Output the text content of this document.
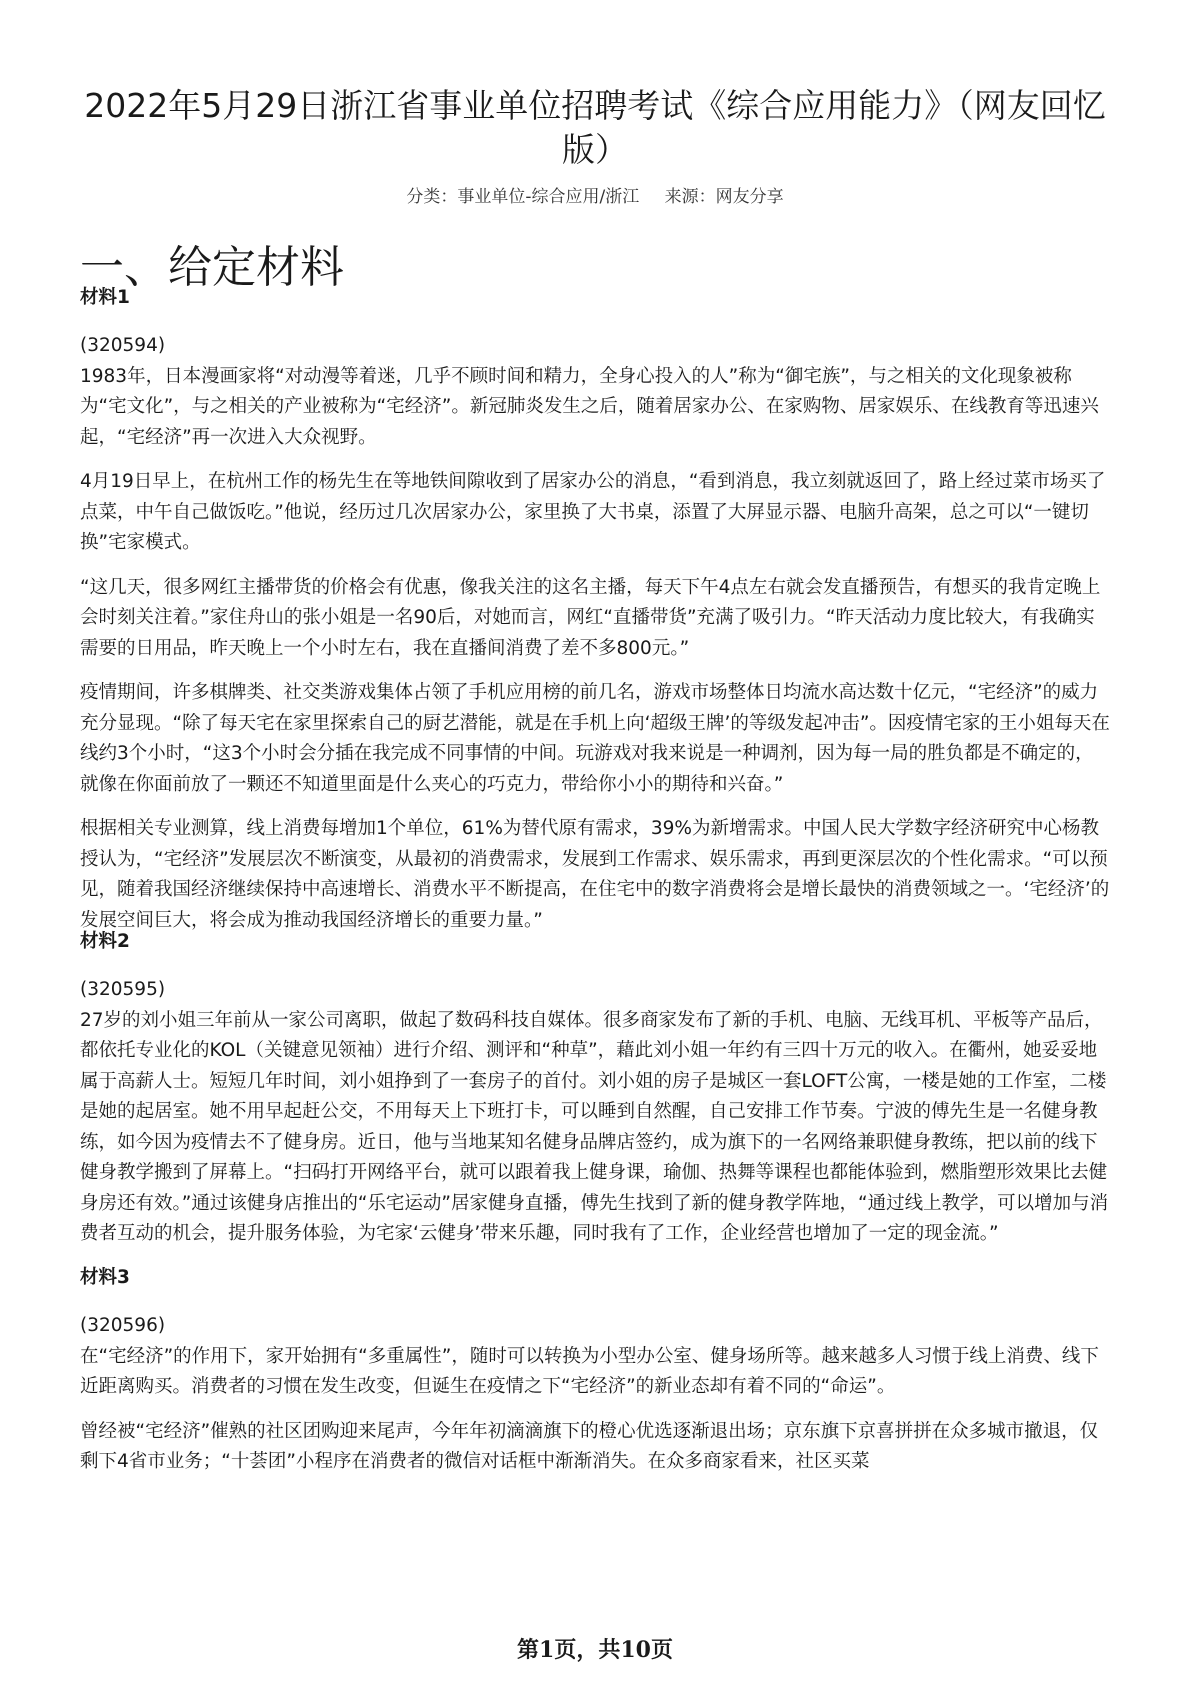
2022年5月29日浙江省事业单位招聘考试《综合应用能力》（网友回忆版）
分类：事业单位-综合应用/浙江 来源：网友分享
一、给定材料
材料1
(320594)
1983年，日本漫画家将“对动漫等着迷，几乎不顾时间和精力，全身心投入的人”称为“御宅族”，与之相关的文化现象被称为“宅文化”，与之相关的产业被称为“宅经济”。新冠肺炎发生之后，随着居家办公、在家购物、居家娱乐、在线教育等迅速兴起，“宅经济”再一次进入大众视野。
4月19日早上，在杭州工作的杨先生在等地铁间隙收到了居家办公的消息，“看到消息，我立刻就返回了，路上经过菜市场买了点菜，中午自己做饭吃。”他说，经历过几次居家办公，家里换了大书桌，添置了大屏显示器、电脑升高架，总之可以“一键切换”宅家模式。
“这几天，很多网红主播带货的价格会有优惠，像我关注的这名主播，每天下午4点左右就会发直播预告，有想买的我肯定晚上会时刻关注着。”家住舟山的张小姐是一名90后，对她而言，网红“直播带货”充满了吸引力。“昨天活动力度比较大，有我确实需要的日用品，昨天晚上一个小时左右，我在直播间消费了差不多800元。”
疫情期间，许多棋牌类、社交类游戏集体占领了手机应用榜的前几名，游戏市场整体日均流水高达数十亿元，“宅经济”的威力充分显现。“除了每天宅在家里探索自己的厨艺潜能，就是在手机上向‘超级王牌’的等级发起冲击”。因疫情宅家的王小姐每天在线约3个小时，“这3个小时会分插在我完成不同事情的中间。玩游戏对我来说是一种调剂，因为每一局的胜负都是不确定的，就像在你面前放了一颗还不知道里面是什么夹心的巧克力，带给你小小的期待和兴奋。”
根据相关专业测算，线上消费每增加1个单位，61%为替代原有需求，39%为新增需求。中国人民大学数字经济研究中心杨教授认为，“宅经济”发展层次不断演变，从最初的消费需求，发展到工作需求、娱乐需求，再到更深层次的个性化需求。“可以预见，随着我国经济继续保持中高速增长、消费水平不断提高，在住宅中的数字消费将会是增长最快的消费领域之一。‘宅经济’的发展空间巨大，将会成为推动我国经济增长的重要力量。”
材料2
(320595)
27岁的刘小姐三年前从一家公司离职，做起了数码科技自媒体。很多商家发布了新的手机、电脑、无线耳机、平板等产品后，都依托专业化的KOL（关键意见领袖）进行介绍、测评和“种草”，藉此刘小姐一年约有三四十万元的收入。在衢州，她妥妥地属于高薪人士。短短几年时间，刘小姐挣到了一套房子的首付。刘小姐的房子是城区一套LOFT公寓，一楼是她的工作室，二楼是她的起居室。她不用早起赶公交，不用每天上下班打卡，可以睡到自然醒，自己安排工作节奏。宁波的傅先生是一名健身教练，如今因为疫情去不了健身房。近日，他与当地某知名健身品牌店签约，成为旗下的一名网络兼职健身教练，把以前的线下健身教学搬到了屏幕上。“扫码打开网络平台，就可以跟着我上健身课，瑜伽、热舞等课程也都能体验到，燃脂塑形效果比去健身房还有效。”通过该健身店推出的“乐宅运动”居家健身直播，傅先生找到了新的健身教学阵地，“通过线上教学，可以增加与消费者互动的机会，提升服务体验，为宅家‘云健身’带来乐趣，同时我有了工作，企业经营也增加了一定的现金流。”
材料3
(320596)
在“宅经济”的作用下，家开始拥有“多重属性”，随时可以转换为小型办公室、健身场所等。越来越多人习惯于线上消费、线下近距离购买。消费者的习惯在发生改变，但诞生在疫情之下“宅经济”的新业态却有着不同的“命运”。
曾经被“宅经济”催熟的社区团购迎来尾声，今年年初滴滴旗下的橙心优选逐渐退出场；京东旗下京喜拼拼在众多城市撤退，仅剩下4省市业务；“十荟团”小程序在消费者的微信对话框中渐渐消失。在众多商家看来，社区买菜
第1页，共10页
